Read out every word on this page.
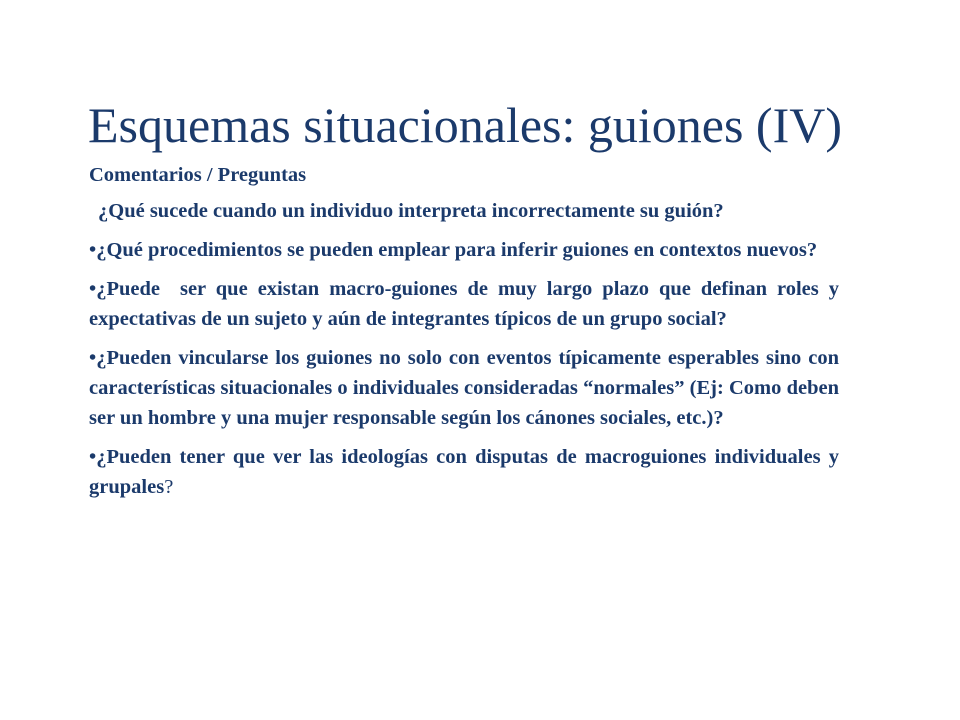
Esquemas situacionales: guiones (IV)

Comentarios / Preguntas

¿Qué sucede cuando un individuo interpreta incorrectamente su guión?

•¿Qué procedimientos se pueden emplear para inferir guiones en contextos nuevos?

•¿Puede  ser que existan macro-guiones de muy largo plazo que definan roles y expectativas de un sujeto y aún de integrantes típicos de un grupo social?

•¿Pueden vincularse los guiones no solo con eventos típicamente esperables sino con características situacionales o individuales consideradas “normales” (Ej: Como deben ser un hombre y una mujer responsable según los cánones sociales, etc.)?

•¿Pueden tener que ver las ideologías con disputas de macroguiones individuales y grupales?
